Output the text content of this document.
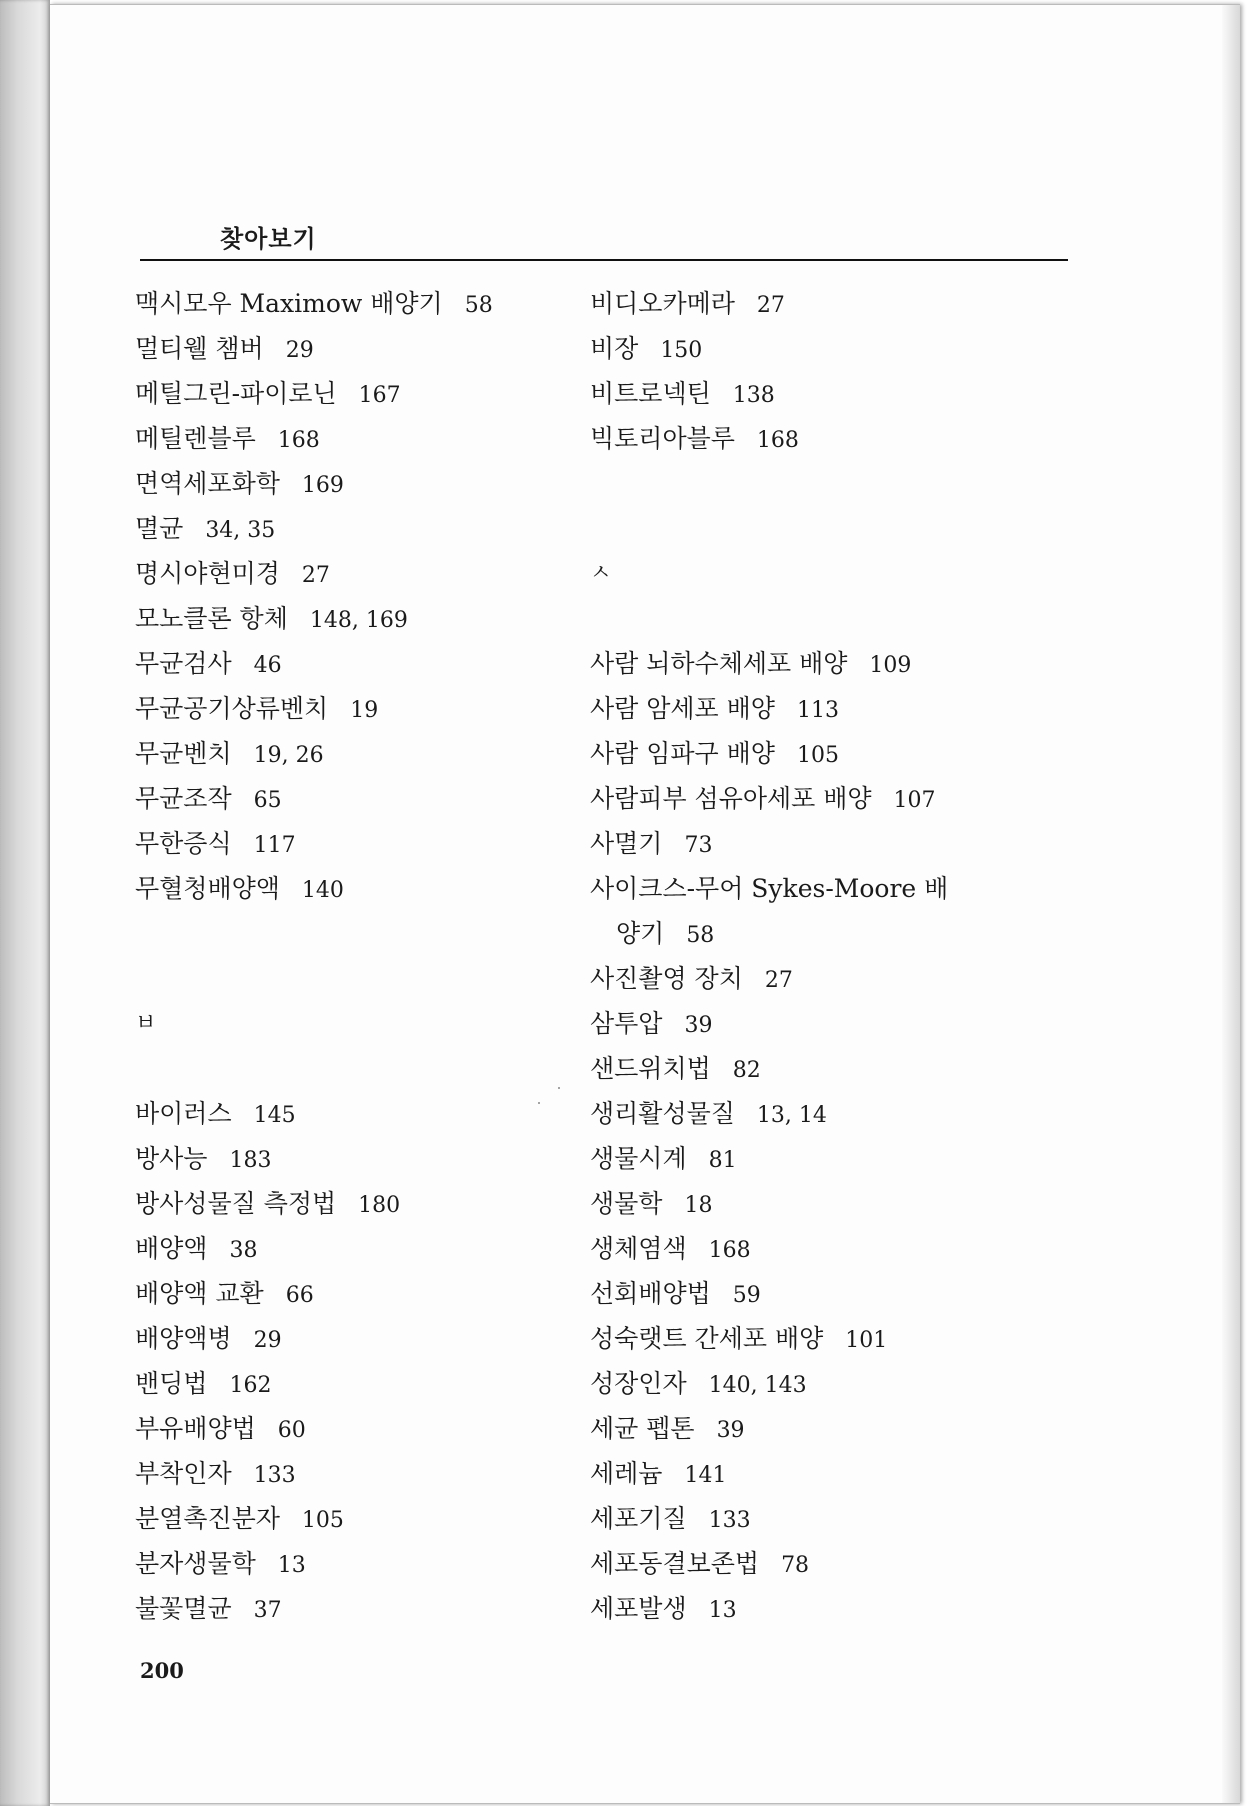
찾아보기
맥시모우 Maximow 배양기 58
멀티웰 챔버 29
메틸그린-파이로닌 167
메틸렌블루 168
면역세포화학 169
멸균 34, 35
명시야현미경 27
모노클론 항체 148, 169
무균검사 46
무균공기상류벤치 19
무균벤치 19, 26
무균조작 65
무한증식 117
무혈청배양액 140
ㅂ
바이러스 145
방사능 183
방사성물질 측정법 180
배양액 38
배양액 교환 66
배양액병 29
밴딩법 162
부유배양법 60
부착인자 133
분열촉진분자 105
분자생물학 13
불꽃멸균 37
비디오카메라 27
비장 150
비트로넥틴 138
빅토리아블루 168
ㅅ
사람 뇌하수체세포 배양 109
사람 암세포 배양 113
사람 임파구 배양 105
사람피부 섬유아세포 배양 107
사멸기 73
사이크스-무어 Sykes-Moore 배
양기 58
사진촬영 장치 27
삼투압 39
샌드위치법 82
생리활성물질 13, 14
생물시계 81
생물학 18
생체염색 168
선회배양법 59
성숙랫트 간세포 배양 101
성장인자 140, 143
세균 펩톤 39
세레늄 141
세포기질 133
세포동결보존법 78
세포발생 13
200
